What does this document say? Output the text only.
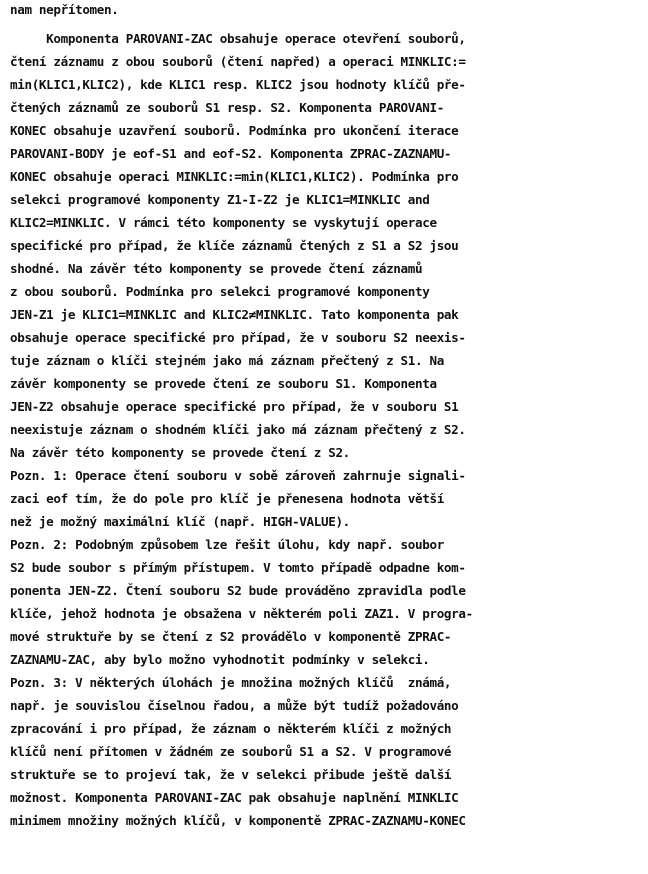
nam nepřítomen.
Komponenta PAROVANI-ZAC obsahuje operace otevření souborů,
čtení záznamu z obou souborů (čtení napřed) a operaci MINKLIC:=
min(KLIC1,KLIC2), kde KLIC1 resp. KLIC2 jsou hodnoty klíčů pře-
čtených záznamů ze souborů S1 resp. S2. Komponenta PAROVANI-
KONEC obsahuje uzavření souborů. Podmínka pro ukončení iterace
PAROVANI-BODY je eof-S1 and eof-S2. Komponenta ZPRAC-ZAZNAMU-
KONEC obsahuje operaci MINKLIC:=min(KLIC1,KLIC2). Podmínka pro
selekci programové komponenty Z1-I-Z2 je KLIC1=MINKLIC and
KLIC2=MINKLIC. V rámci této komponenty se vyskytují operace
specifické pro případ, že klíče záznamů čtených z S1 a S2 jsou
shodné. Na závěr této komponenty se provede čtení záznamů
z obou souborů. Podmínka pro selekci programové komponenty
JEN-Z1 je KLIC1=MINKLIC and KLIC2≠MINKLIC. Tato komponenta pak
obsahuje operace specifické pro případ, že v souboru S2 neexis-
tuje záznam o klíči stejném jako má záznam přečtený z S1. Na
závěr komponenty se provede čtení ze souboru S1. Komponenta
JEN-Z2 obsahuje operace specifické pro případ, že v souboru S1
neexistuje záznam o shodném klíči jako má záznam přečtený z S2.
Na závěr této komponenty se provede čtení z S2.
Pozn. 1: Operace čtení souboru v sobě zároveň zahrnuje signali-
zaci eof tím, že do pole pro klíč je přenesena hodnota větší
než je možný maximální klíč (např. HIGH-VALUE).
Pozn. 2: Podobným způsobem lze řešit úlohu, kdy např. soubor
S2 bude soubor s přímým přístupem. V tomto případě odpadne kom-
ponenta JEN-Z2. Čtení souboru S2 bude prováděno zpravidla podle
klíče, jehož hodnota je obsažena v některém poli ZAZ1. V progra-
mové struktuře by se čtení z S2 provádělo v komponentě ZPRAC-
ZAZNAMU-ZAC, aby bylo možno vyhodnotit podmínky v selekci.
Pozn. 3: V některých úlohách je množina možných klíčů  známá,
např. je souvislou číselnou řadou, a může být tudíž požadováno
zpracování i pro případ, že záznam o některém klíči z možných
klíčů není přítomen v žádném ze souborů S1 a S2. V programové
struktuře se to projeví tak, že v selekci přibude ještě další
možnost. Komponenta PAROVANI-ZAC pak obsahuje naplnění MINKLIC
minimem množiny možných klíčů, v komponentě ZPRAC-ZAZNAMU-KONEC
